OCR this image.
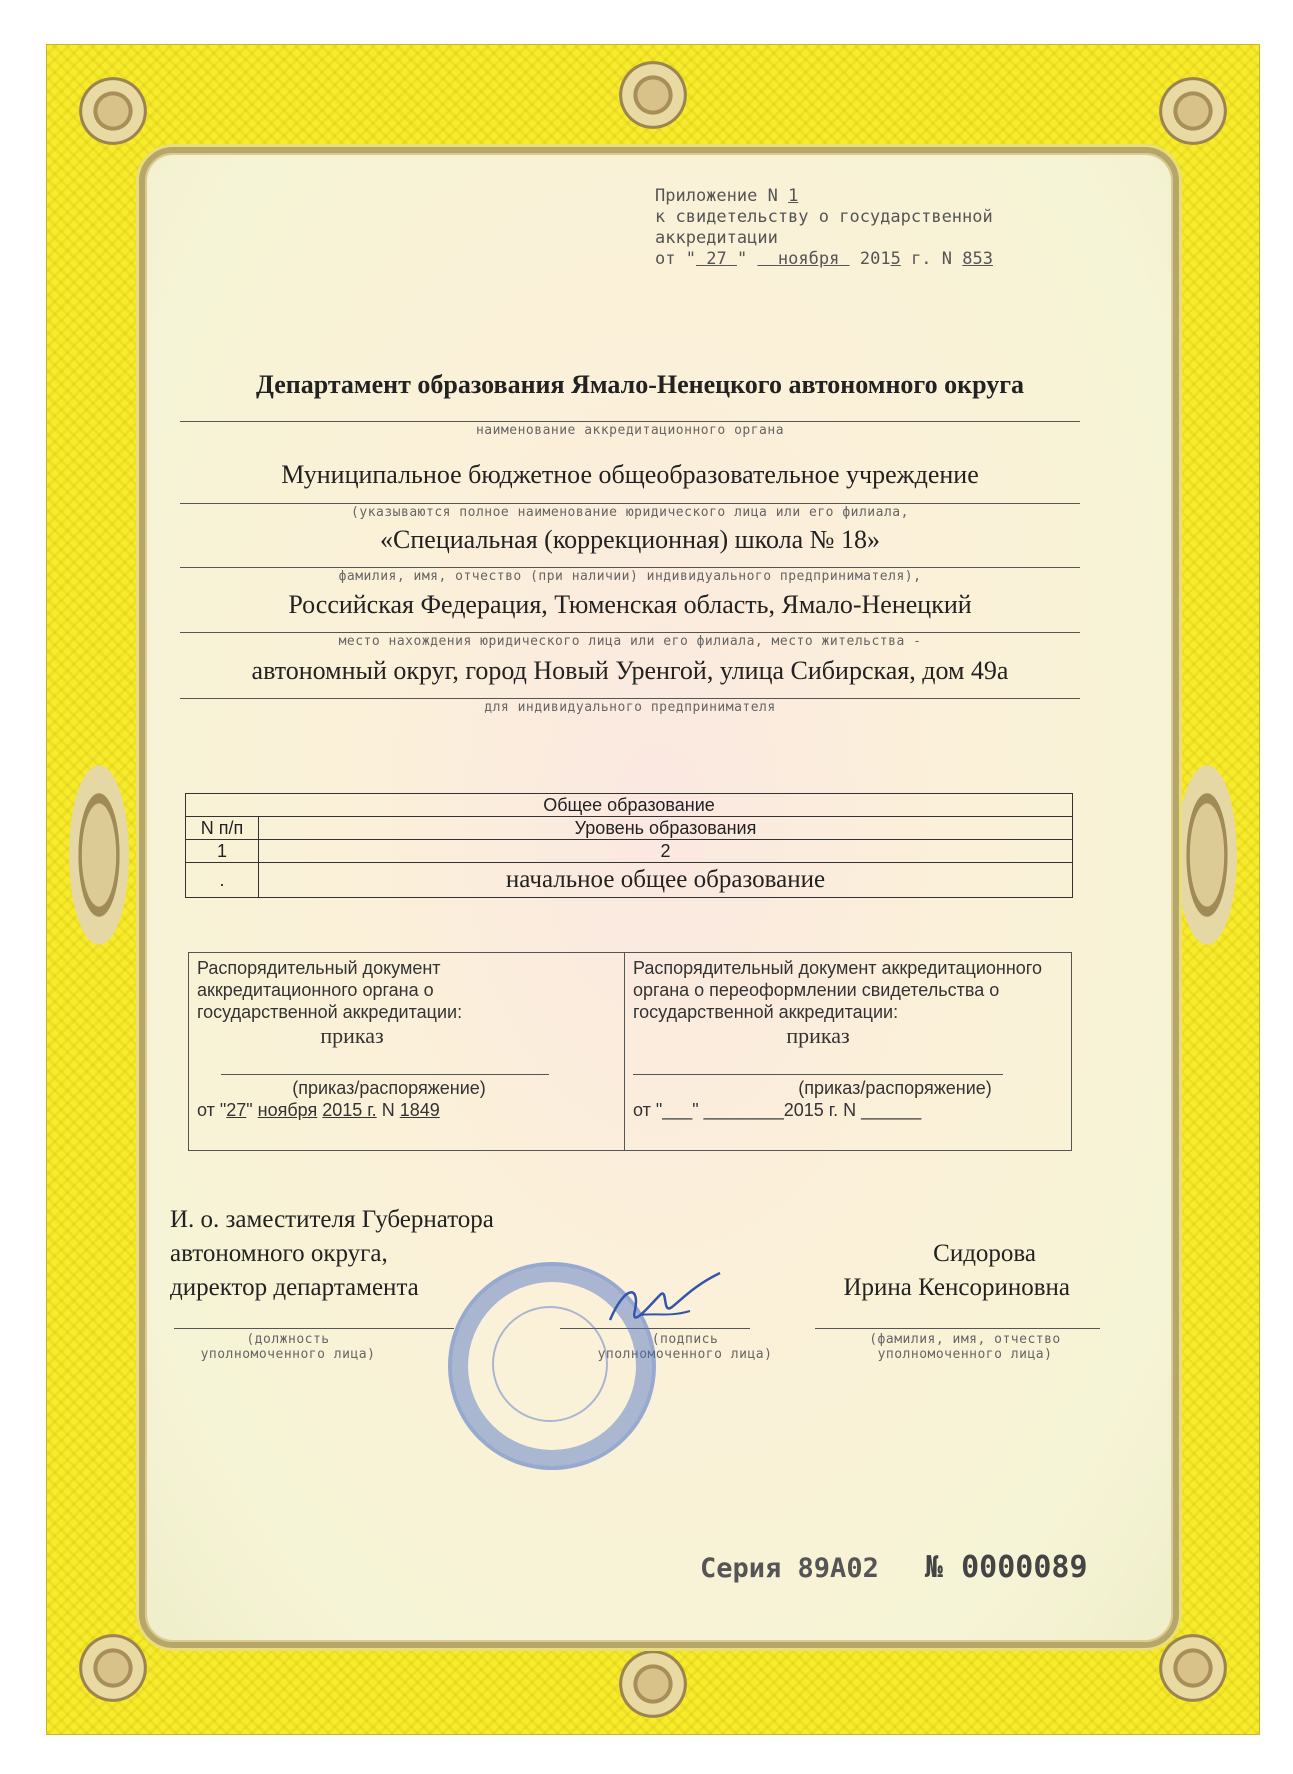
Приложение N 1
к свидетельству о государственной
аккредитации
от " 27 " ноября 2015 г. N 853
Департамент образования Ямало-Ненецкого автономного округа
наименование аккредитационного органа
Муниципальное бюджетное общеобразовательное учреждение
(указываются полное наименование юридического лица или его филиала,
«Специальная (коррекционная) школа № 18»
фамилия, имя, отчество (при наличии) индивидуального предпринимателя),
Российская Федерация, Тюменская область, Ямало-Ненецкий
место нахождения юридического лица или его филиала, место жительства -
автономный округ, город Новый Уренгой, улица Сибирская, дом 49а
для индивидуального предпринимателя
Общее образование	
N п/п	Уровень образования
1	2
.	начальное общее образование
Распорядительный документ аккредитационного органа о государственной аккредитации:
приказ
(приказ/распоряжение)
от "27" ноября 2015 г. N 1849
Распорядительный документ аккредитационного органа о переоформлении свидетельства о государственной аккредитации:
приказ
(приказ/распоряжение)
от "___" ________2015 г. N ______
И. о. заместителя Губернатора
автономного округа,
директор департамента
(должность
уполномоченного лица)
(подпись
уполномоченного лица)
Сидорова
Ирина Кенсориновна
(фамилия, имя, отчество
уполномоченного лица)
Серия 89А02 № 0000089
